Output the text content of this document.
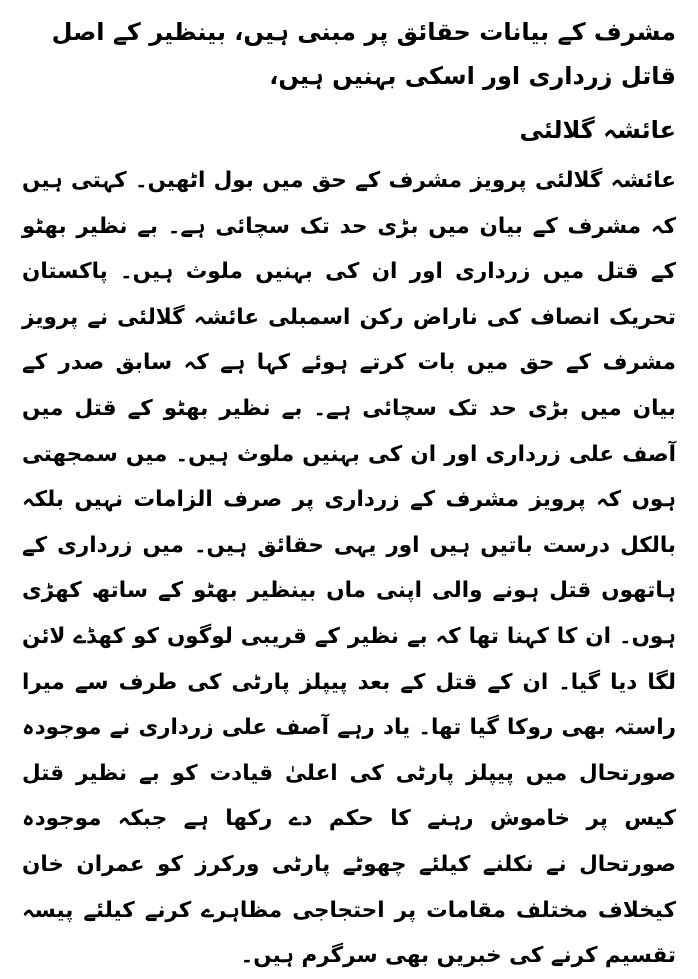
مشرف کے بیانات حقائق پر مبنی ہیں، بینظیر کے اصل قاتل زرداری اور اسکی بہنیں ہیں،
عائشہ گلالئی

عائشہ گلالئی پرویز مشرف کے حق میں بول اٹھیں۔ کہتی ہیں کہ مشرف کے بیان میں بڑی حد تک سچائی ہے۔ بے نظیر بھٹو کے قتل میں زرداری اور ان کی بہنیں ملوث ہیں۔ پاکستان تحریک انصاف کی ناراض رکن اسمبلی عائشہ گلالئی نے پرویز مشرف کے حق میں بات کرتے ہوئے کہا ہے کہ سابق صدر کے بیان میں بڑی حد تک سچائی ہے۔ بے نظیر بھٹو کے قتل میں آصف علی زرداری اور ان کی بہنیں ملوث ہیں۔ میں سمجھتی ہوں کہ پرویز مشرف کے زرداری پر صرف الزامات نہیں بلکہ بالکل درست باتیں ہیں اور یہی حقائق ہیں۔ میں زرداری کے ہاتھوں قتل ہونے والی اپنی ماں بینظیر بھٹو کے ساتھ کھڑی ہوں۔ ان کا کہنا تھا کہ بے نظیر کے قریبی لوگوں کو کھڈے لائن لگا دیا گیا۔ ان کے قتل کے بعد پیپلز پارٹی کی طرف سے میرا راستہ بھی روکا گیا تھا۔ یاد رہے آصف علی زرداری نے موجودہ صورتحال میں پیپلز پارٹی کی اعلیٰ قیادت کو بے نظیر قتل کیس پر خاموش رہنے کا حکم دے رکھا ہے جبکہ موجودہ صورتحال نے نکلنے کیلئے چھوٹے پارٹی ورکرز کو عمران خان کیخلاف مختلف مقامات پر احتجاجی مظاہرے کرنے کیلئے پیسہ تقسیم کرنے کی خبریں بھی سرگرم ہیں۔
